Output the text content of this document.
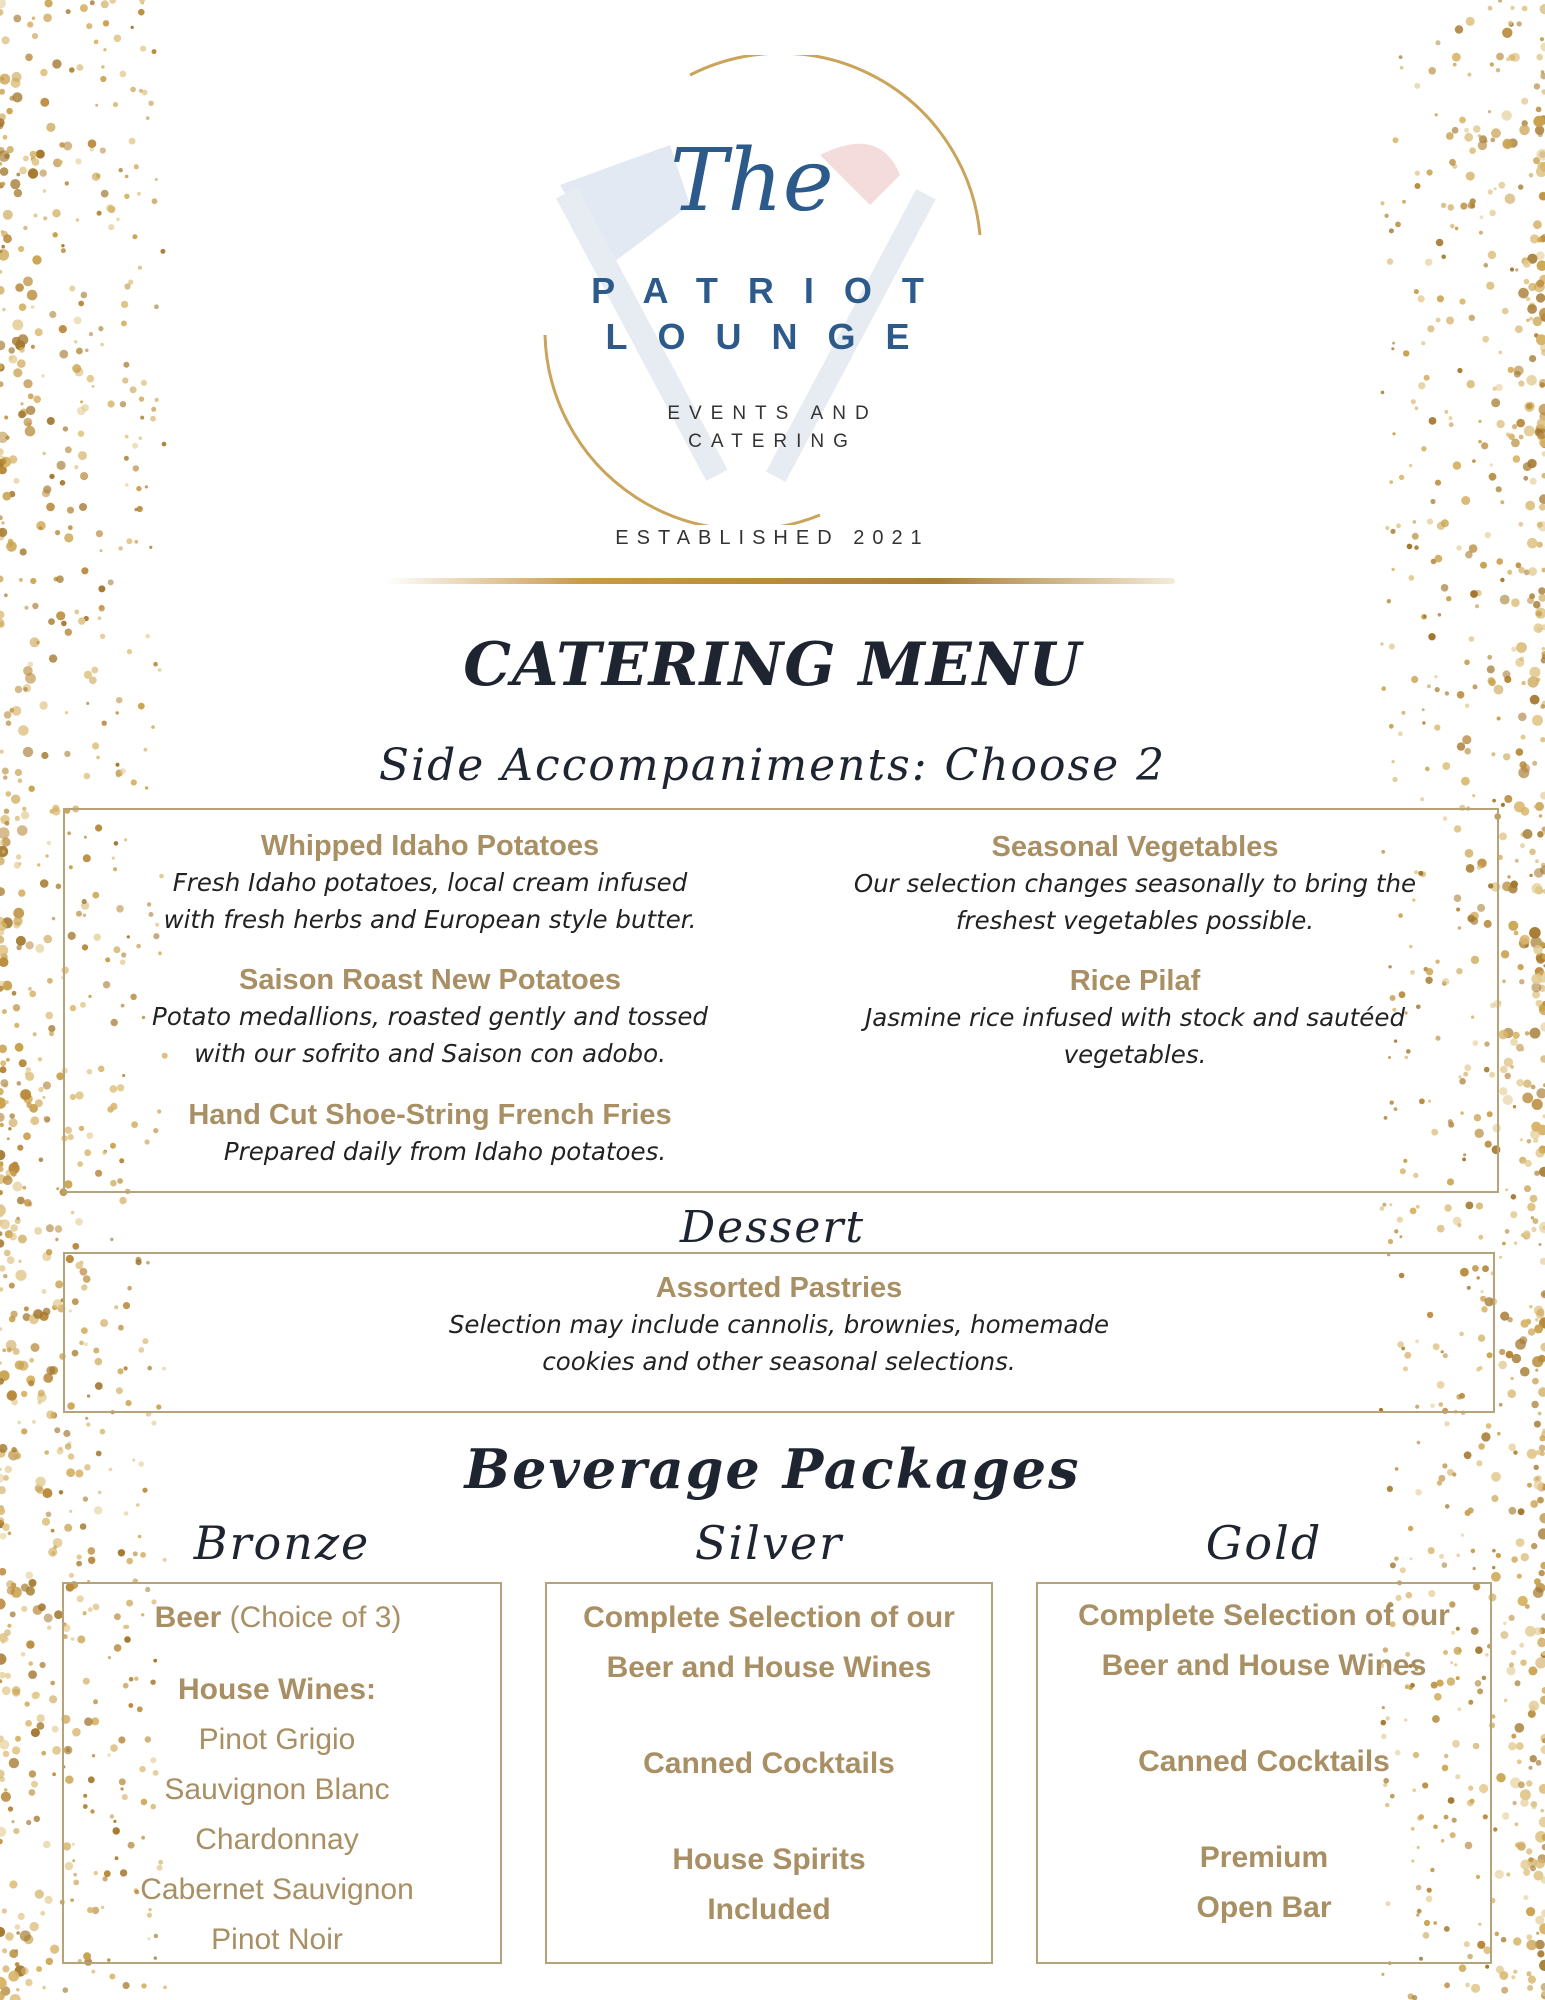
The
PATRIOT
LOUNGE
EVENTS AND
CATERING
ESTABLISHED 2021
CATERING MENU
Side Accompaniments: Choose 2
Whipped Idaho Potatoes
Fresh Idaho potatoes, local cream infused
with fresh herbs and European style butter.
Saison Roast New Potatoes
Potato medallions, roasted gently and tossed
with our sofrito and Saison con adobo.
Hand Cut Shoe-String French Fries
Prepared daily from Idaho potatoes.
Seasonal Vegetables
Our selection changes seasonally to bring the
freshest vegetables possible.
Rice Pilaf
Jasmine rice infused with stock and sautéed
vegetables.
Dessert
Assorted Pastries
Selection may include cannolis, brownies, homemade
cookies and other seasonal selections.
Beverage Packages
Bronze	Silver	Gold
Beer (Choice of 3)
House Wines:
Pinot Grigio
Sauvignon Blanc
Chardonnay
Cabernet Sauvignon
Pinot Noir
Complete Selection of our
Beer and House Wines
Canned Cocktails
House Spirits
Included
Complete Selection of our
Beer and House Wines
Canned Cocktails
Premium
Open Bar
